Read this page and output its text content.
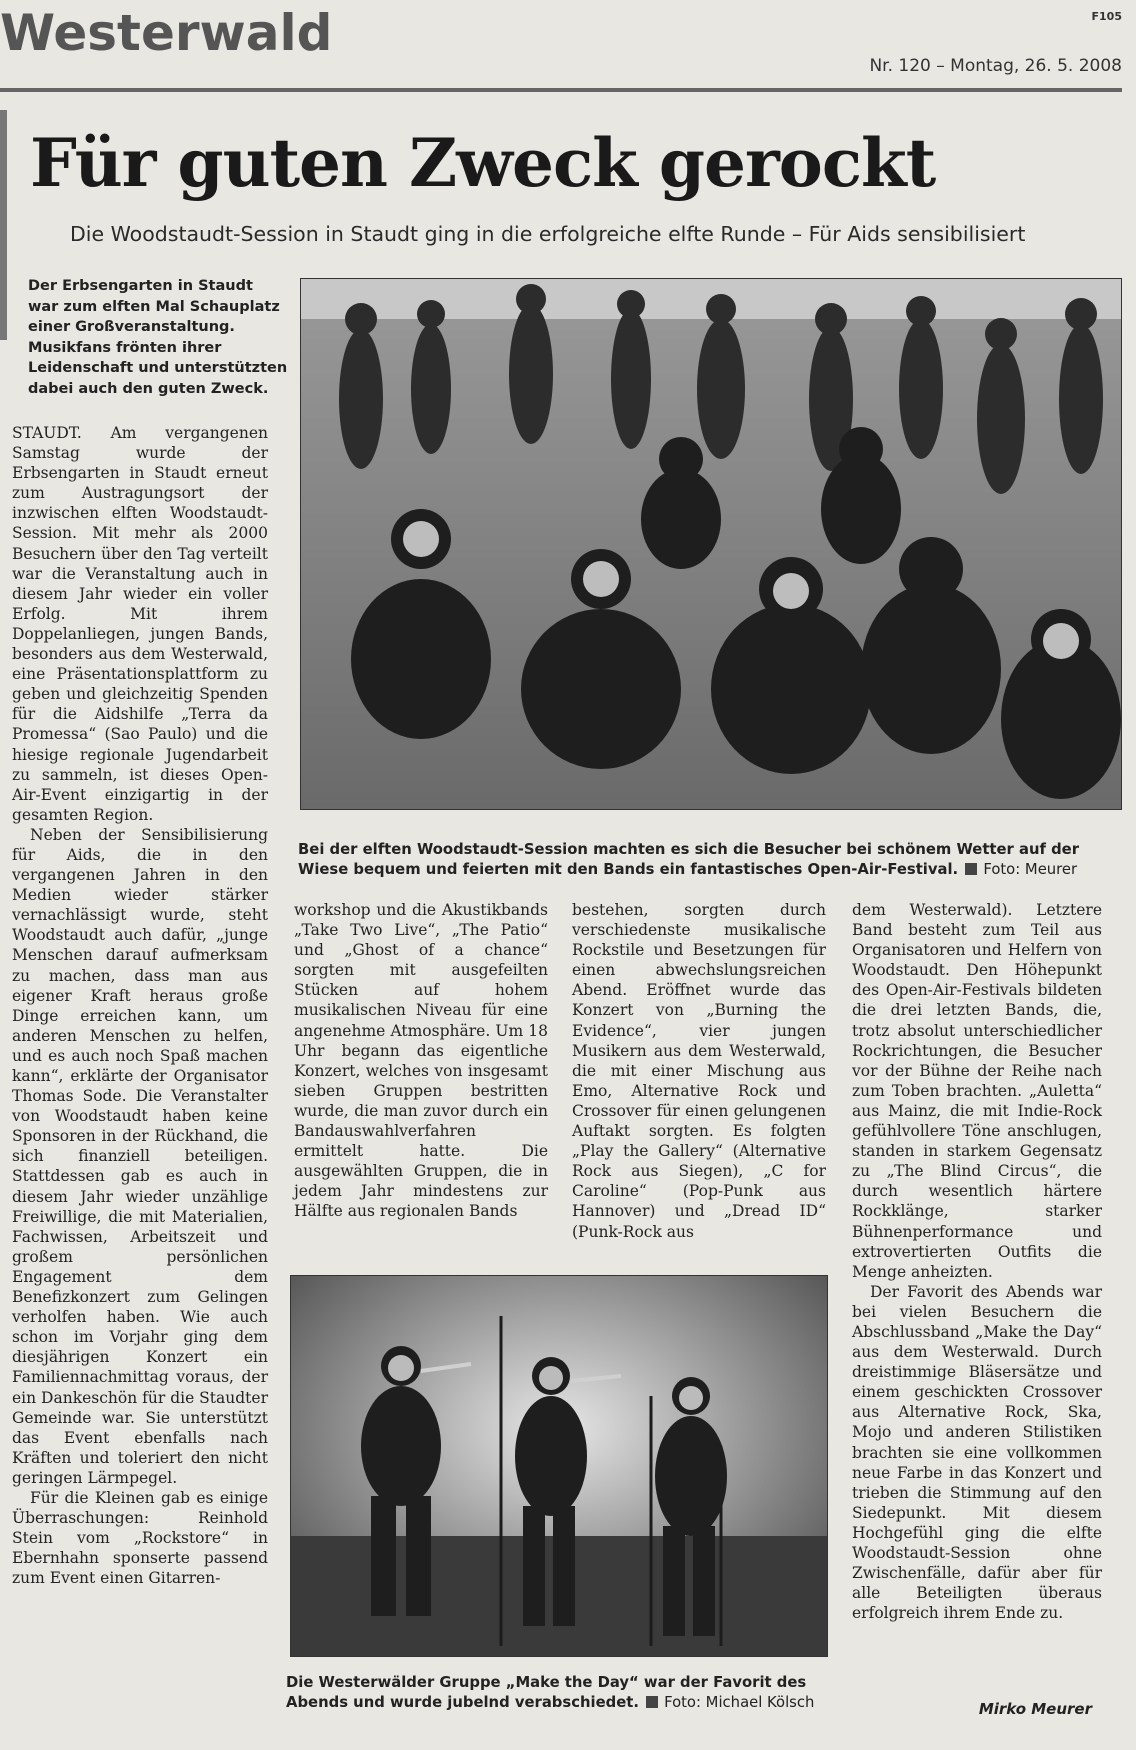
Westerwald	F105
Nr. 120 – Montag, 26. 5. 2008
Für guten Zweck gerockt
Die Woodstaudt-Session in Staudt ging in die erfolgreiche elfte Runde – Für Aids sensibilisiert
Der Erbsengarten in Staudt war zum elften Mal Schauplatz einer Großveranstaltung. Musikfans frönten ihrer Leidenschaft und unterstützten dabei auch den guten Zweck.

STAUDT. Am vergangenen Samstag wurde der Erbsengarten in Staudt erneut zum Austragungsort der inzwischen elften Woodstaudt-Session. Mit mehr als 2000 Besuchern über den Tag verteilt war die Veranstaltung auch in diesem Jahr wieder ein voller Erfolg. Mit ihrem Doppelanliegen, jungen Bands, besonders aus dem Westerwald, eine Präsentationsplattform zu geben und gleichzeitig Spenden für die Aidshilfe „Terra da Promessa“ (Sao Paulo) und die hiesige regionale Jugendarbeit zu sammeln, ist dieses Open-Air-Event einzigartig in der gesamten Region.

Neben der Sensibilisierung für Aids, die in den vergangenen Jahren in den Medien wieder stärker vernachlässigt wurde, steht Woodstaudt auch dafür, „junge Menschen darauf aufmerksam zu machen, dass man aus eigener Kraft heraus große Dinge erreichen kann, um anderen Menschen zu helfen, und es auch noch Spaß machen kann“, erklärte der Organisator Thomas Sode. Die Veranstalter von Woodstaudt haben keine Sponsoren in der Rückhand, die sich finanziell beteiligen. Stattdessen gab es auch in diesem Jahr wieder unzählige Freiwillige, die mit Materialien, Fachwissen, Arbeitszeit und großem persönlichen Engagement dem Benefizkonzert zum Gelingen verholfen haben. Wie auch schon im Vorjahr ging dem diesjährigen Konzert ein Familiennachmittag voraus, der ein Dankeschön für die Staudter Gemeinde war. Sie unterstützt das Event ebenfalls nach Kräften und toleriert den nicht geringen Lärmpegel.

Für die Kleinen gab es einige Überraschungen: Reinhold Stein vom „Rockstore“ in Ebernhahn sponserte passend zum Event einen Gitarren-

Bei der elften Woodstaudt-Session machten es sich die Besucher bei schönem Wetter auf der Wiese bequem und feierten mit den Bands ein fantastisches Open-Air-Festival. Foto: Meurer

workshop und die Akustikbands „Take Two Live“, „The Patio“ und „Ghost of a chance“ sorgten mit ausgefeilten Stücken auf hohem musikalischen Niveau für eine angenehme Atmosphäre. Um 18 Uhr begann das eigentliche Konzert, welches von insgesamt sieben Gruppen bestritten wurde, die man zuvor durch ein Bandauswahlverfahren ermittelt hatte. Die ausgewählten Gruppen, die in jedem Jahr mindestens zur Hälfte aus regionalen Bands

bestehen, sorgten durch verschiedenste musikalische Rockstile und Besetzungen für einen abwechslungsreichen Abend. Eröffnet wurde das Konzert von „Burning the Evidence“, vier jungen Musikern aus dem Westerwald, die mit einer Mischung aus Emo, Alternative Rock und Crossover für einen gelungenen Auftakt sorgten. Es folgten „Play the Gallery“ (Alternative Rock aus Siegen), „C for Caroline“ (Pop-Punk aus Hannover) und „Dread ID“ (Punk-Rock aus

dem Westerwald). Letztere Band besteht zum Teil aus Organisatoren und Helfern von Woodstaudt. Den Höhepunkt des Open-Air-Festivals bildeten die drei letzten Bands, die, trotz absolut unterschiedlicher Rockrichtungen, die Besucher vor der Bühne der Reihe nach zum Toben brachten. „Auletta“ aus Mainz, die mit Indie-Rock gefühlvollere Töne anschlugen, standen in starkem Gegensatz zu „The Blind Circus“, die durch wesentlich härtere Rockklänge, starker Bühnenperformance und extrovertierten Outfits die Menge anheizten.

Der Favorit des Abends war bei vielen Besuchern die Abschlussband „Make the Day“ aus dem Westerwald. Durch dreistimmige Bläsersätze und einem geschickten Crossover aus Alternative Rock, Ska, Mojo und anderen Stilistiken brachten sie eine vollkommen neue Farbe in das Konzert und trieben die Stimmung auf den Siedepunkt. Mit diesem Hochgefühl ging die elfte Woodstaudt-Session ohne Zwischenfälle, dafür aber für alle Beteiligten überaus erfolgreich ihrem Ende zu.

Die Westerwälder Gruppe „Make the Day“ war der Favorit des Abends und wurde jubelnd verabschiedet. Foto: Michael Kölsch	Mirko Meurer
